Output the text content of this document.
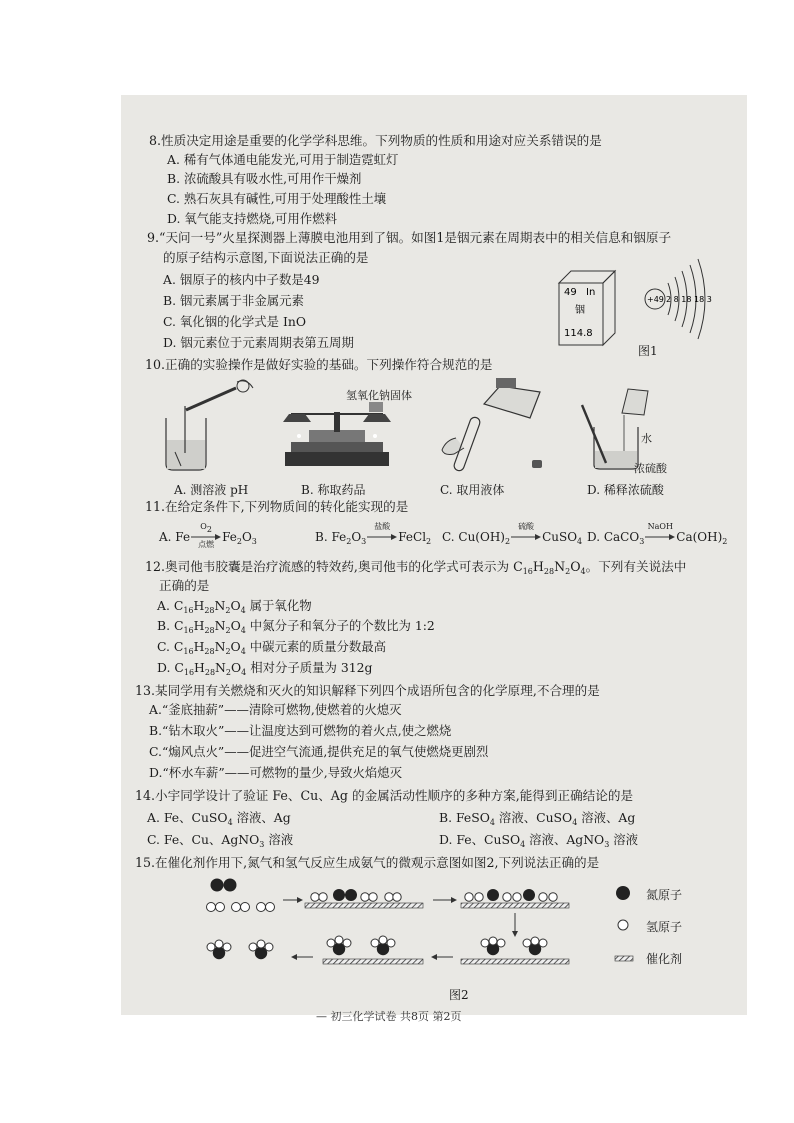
8.性质决定用途是重要的化学学科思维。下列物质的性质和用途对应关系错误的是
A. 稀有气体通电能发光,可用于制造霓虹灯
B. 浓硫酸具有吸水性,可用作干燥剂
C. 熟石灰具有碱性,可用于处理酸性土壤
D. 氧气能支持燃烧,可用作燃料
9.“天问一号”火星探测器上薄膜电池用到了铟。如图1是铟元素在周期表中的相关信息和铟原子
的原子结构示意图,下面说法正确的是
A. 铟原子的核内中子数是49
B. 铟元素属于非金属元素
C. 氧化铟的化学式是 InO
D. 铟元素位于元素周期表第五周期
49 In
铟
114.8
+49 2 8 18 18 3
图1
10.正确的实验操作是做好实验的基础。下列操作符合规范的是
A. 测溶液 pH
氢氧化钠固体
B. 称取药品	C. 取用液体
水
浓硫酸
D. 稀释浓硫酸
11.在给定条件下,下列物质间的转化能实现的是
A. Fe
$O_2$
点燃 $Fe_2O_3$	B. $Fe_2O_3$
盐酸
FeCl$_2$ C. $Cu(OH)_2$
硫酸
CuSO$_4$ D. CaCO$_3$
NaOH
$Ca(OH)_2$
12.奥司他韦胶囊是治疗流感的特效药,奥司他韦的化学式可表示为 $C_{16}H_{28}N_2O_4$。下列有关说法中
正确的是
A. $C_{16}H_{28}N_2O_4$ 属于氧化物
B. $C_{16}H_{28}N_2O_4$ 中氮分子和氧分子的个数比为 1:2
C. $C_{16}H_{28}N_2O_4$ 中碳元素的质量分数最高
D. $C_{16}H_{28}N_2O_4$ 相对分子质量为 312g
13.某同学用有关燃烧和灭火的知识解释下列四个成语所包含的化学原理,不合理的是
A.“釜底抽薪”——清除可燃物,使燃着的火熄灭
B.“钻木取火”——让温度达到可燃物的着火点,使之燃烧
C.“煽风点火”——促进空气流通,提供充足的氧气使燃烧更剧烈
D.“杯水车薪”——可燃物的量少,导致火焰熄灭
14.小宇同学设计了验证 Fe、Cu、Ag 的金属活动性顺序的多种方案,能得到正确结论的是
A. Fe、CuSO$_4$ 溶液、Ag	B. FeSO$_4$ 溶液、CuSO$_4$ 溶液、Ag
C. Fe、Cu、AgNO$_3$ 溶液	D. Fe、CuSO$_4$ 溶液、AgNO$_3$ 溶液
15.在催化剂作用下,氮气和氢气反应生成氨气的微观示意图如图2,下列说法正确的是
氮原子
氢原子
催化剂
图2
— 初三化学试卷 共8页 第2页
